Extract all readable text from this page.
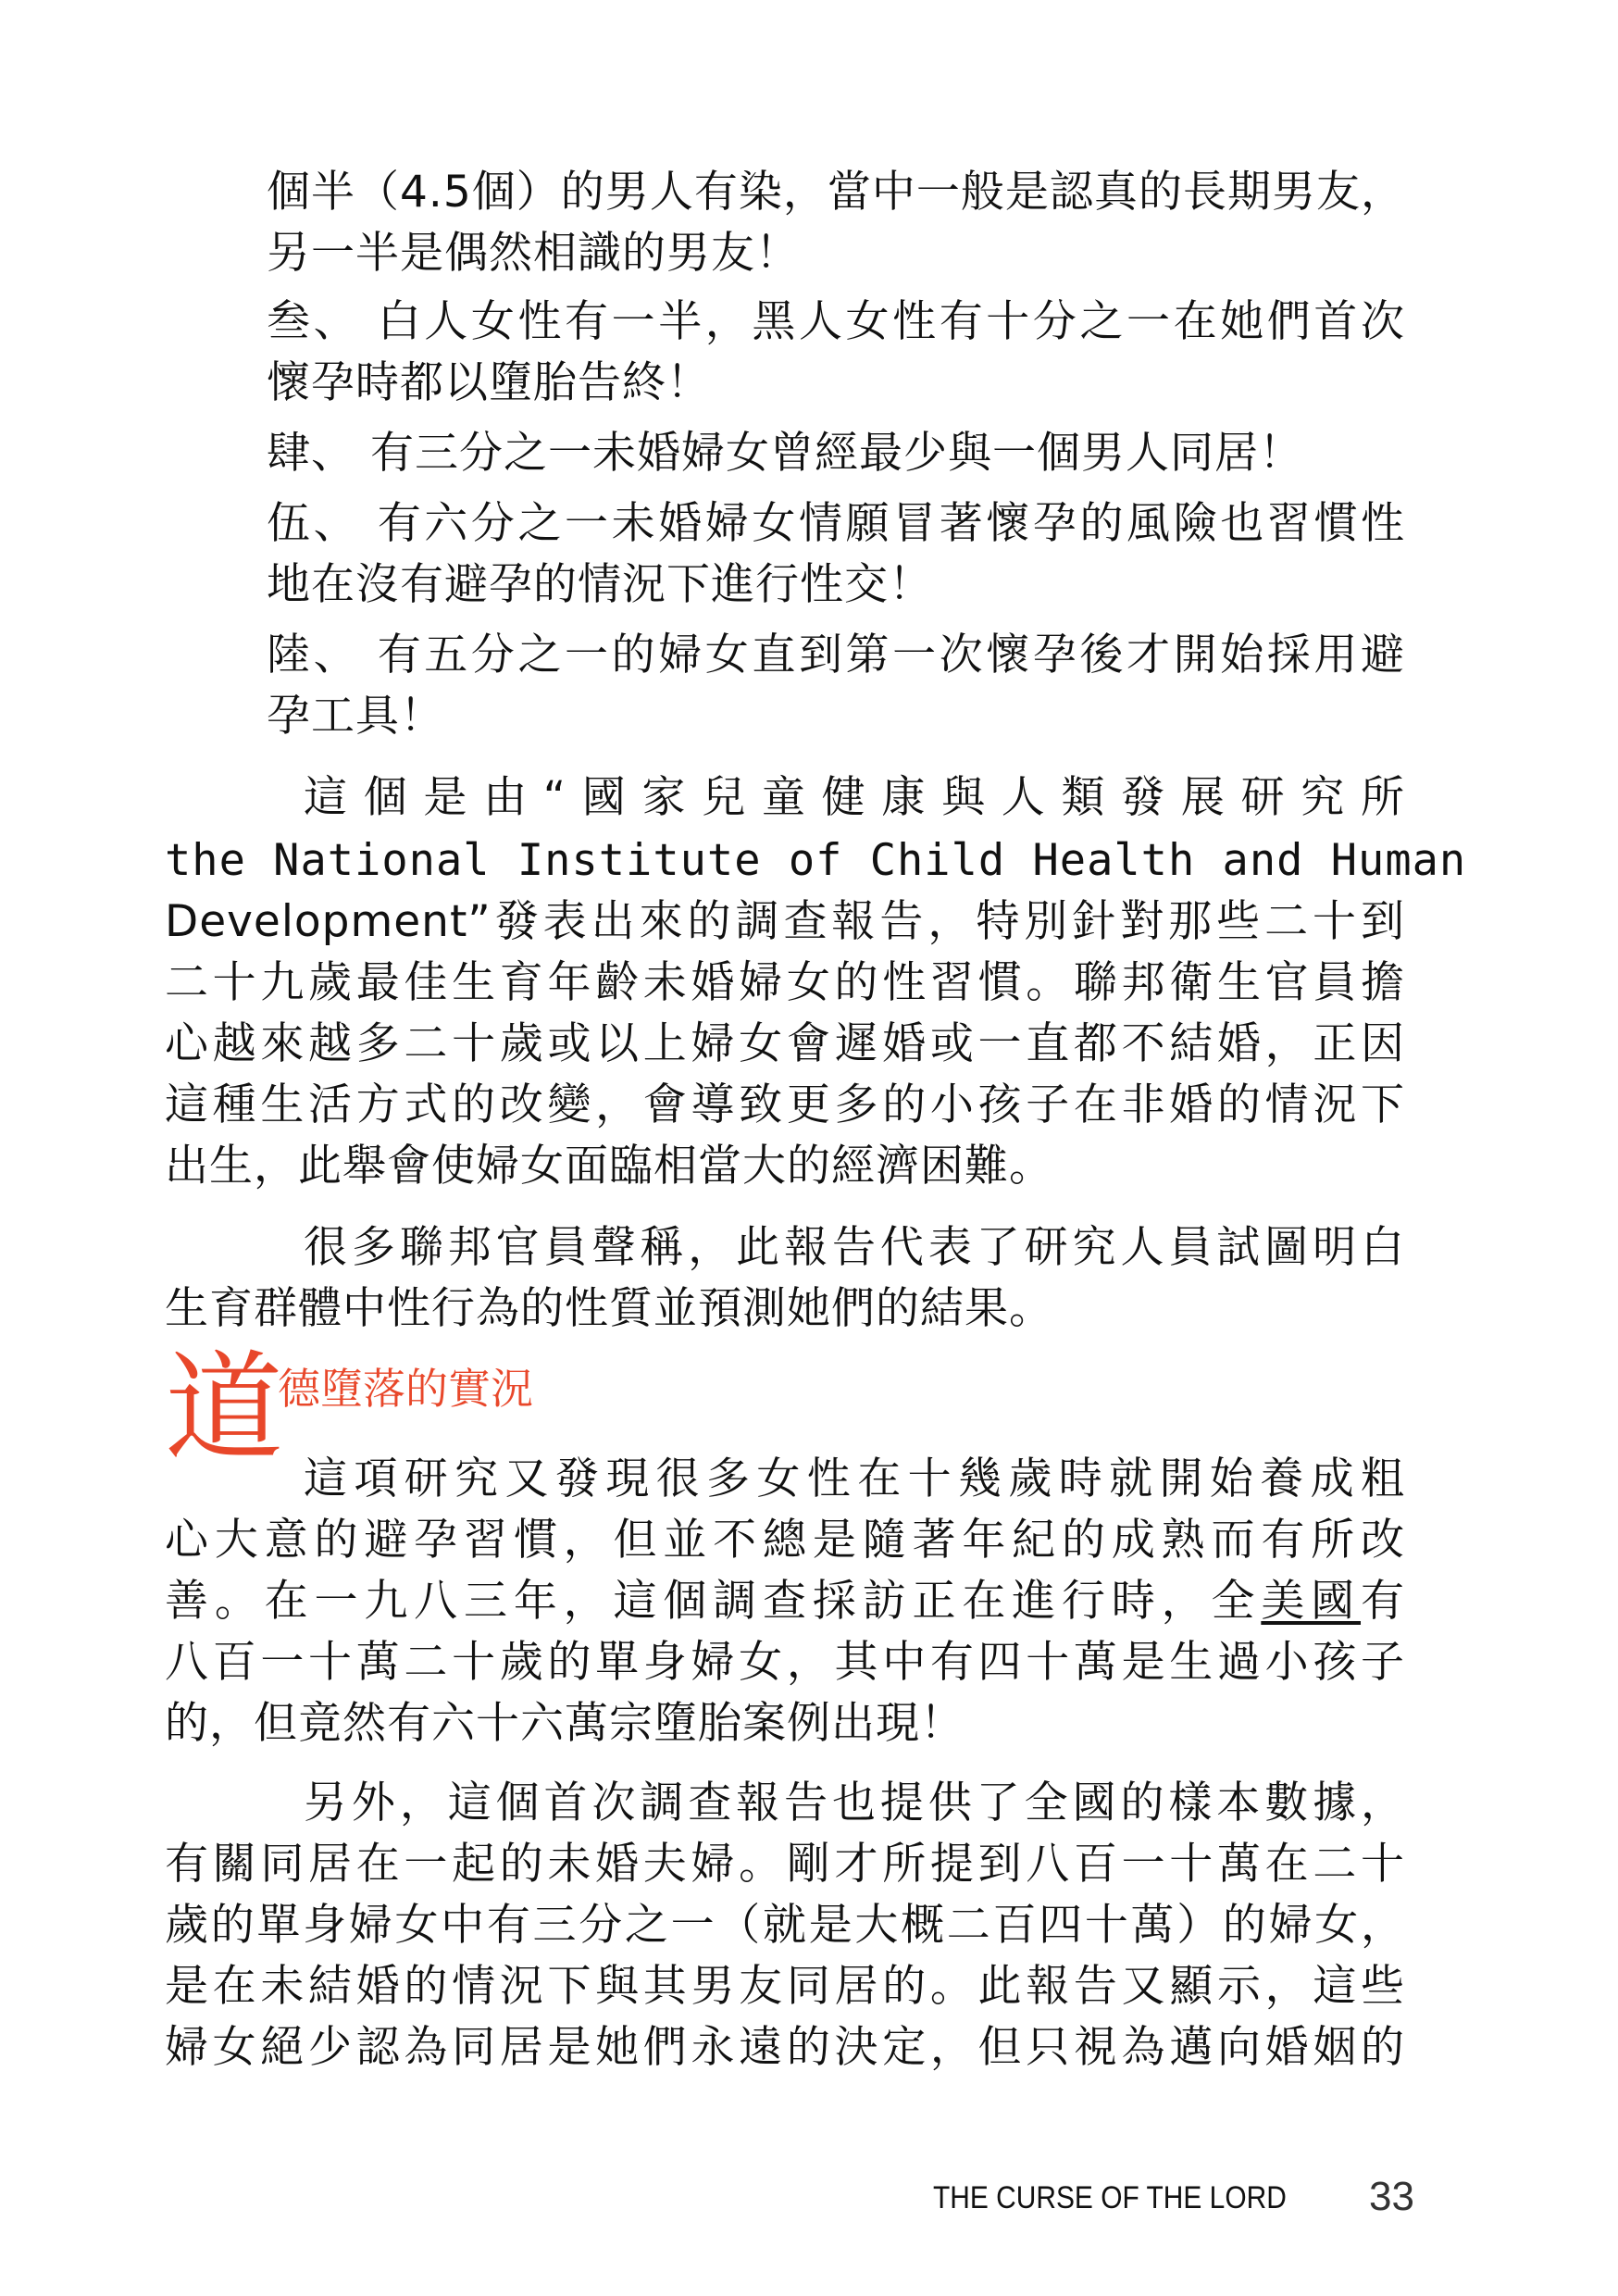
個半（4.5個）的男人有染，當中一般是認真的長期男友，

另一半是偶然相識的男友！

叁、 白人女性有一半，黑人女性有十分之一在她們首次

懷孕時都以墮胎告終！

肆、 有三分之一未婚婦女曾經最少與一個男人同居！

伍、 有六分之一未婚婦女情願冒著懷孕的風險也習慣性

地在沒有避孕的情況下進行性交！

陸、 有五分之一的婦女直到第一次懷孕後才開始採用避

孕工具！

這個是由“國家兒童健康與人類發展研究所

the National Institute of Child Health and Human

Development”發表出來的調查報告，特別針對那些二十到

二十九歲最佳生育年齡未婚婦女的性習慣。聯邦衛生官員擔

心越來越多二十歲或以上婦女會遲婚或一直都不結婚，正因

這種生活方式的改變，會導致更多的小孩子在非婚的情況下

出生，此舉會使婦女面臨相當大的經濟困難。

很多聯邦官員聲稱，此報告代表了研究人員試圖明白

生育群體中性行為的性質並預測她們的結果。

道
德墮落的實況

這項研究又發現很多女性在十幾歲時就開始養成粗

心大意的避孕習慣，但並不總是隨著年紀的成熟而有所改

善。在一九八三年，這個調查採訪正在進行時，全美國有

八百一十萬二十歲的單身婦女，其中有四十萬是生過小孩子

的，但竟然有六十六萬宗墮胎案例出現！

另外，這個首次調查報告也提供了全國的樣本數據，

有關同居在一起的未婚夫婦。剛才所提到八百一十萬在二十

歲的單身婦女中有三分之一（就是大概二百四十萬）的婦女，

是在未結婚的情況下與其男友同居的。此報告又顯示，這些

婦女絕少認為同居是她們永遠的決定，但只視為邁向婚姻的

THE CURSE OF THE LORD 33
